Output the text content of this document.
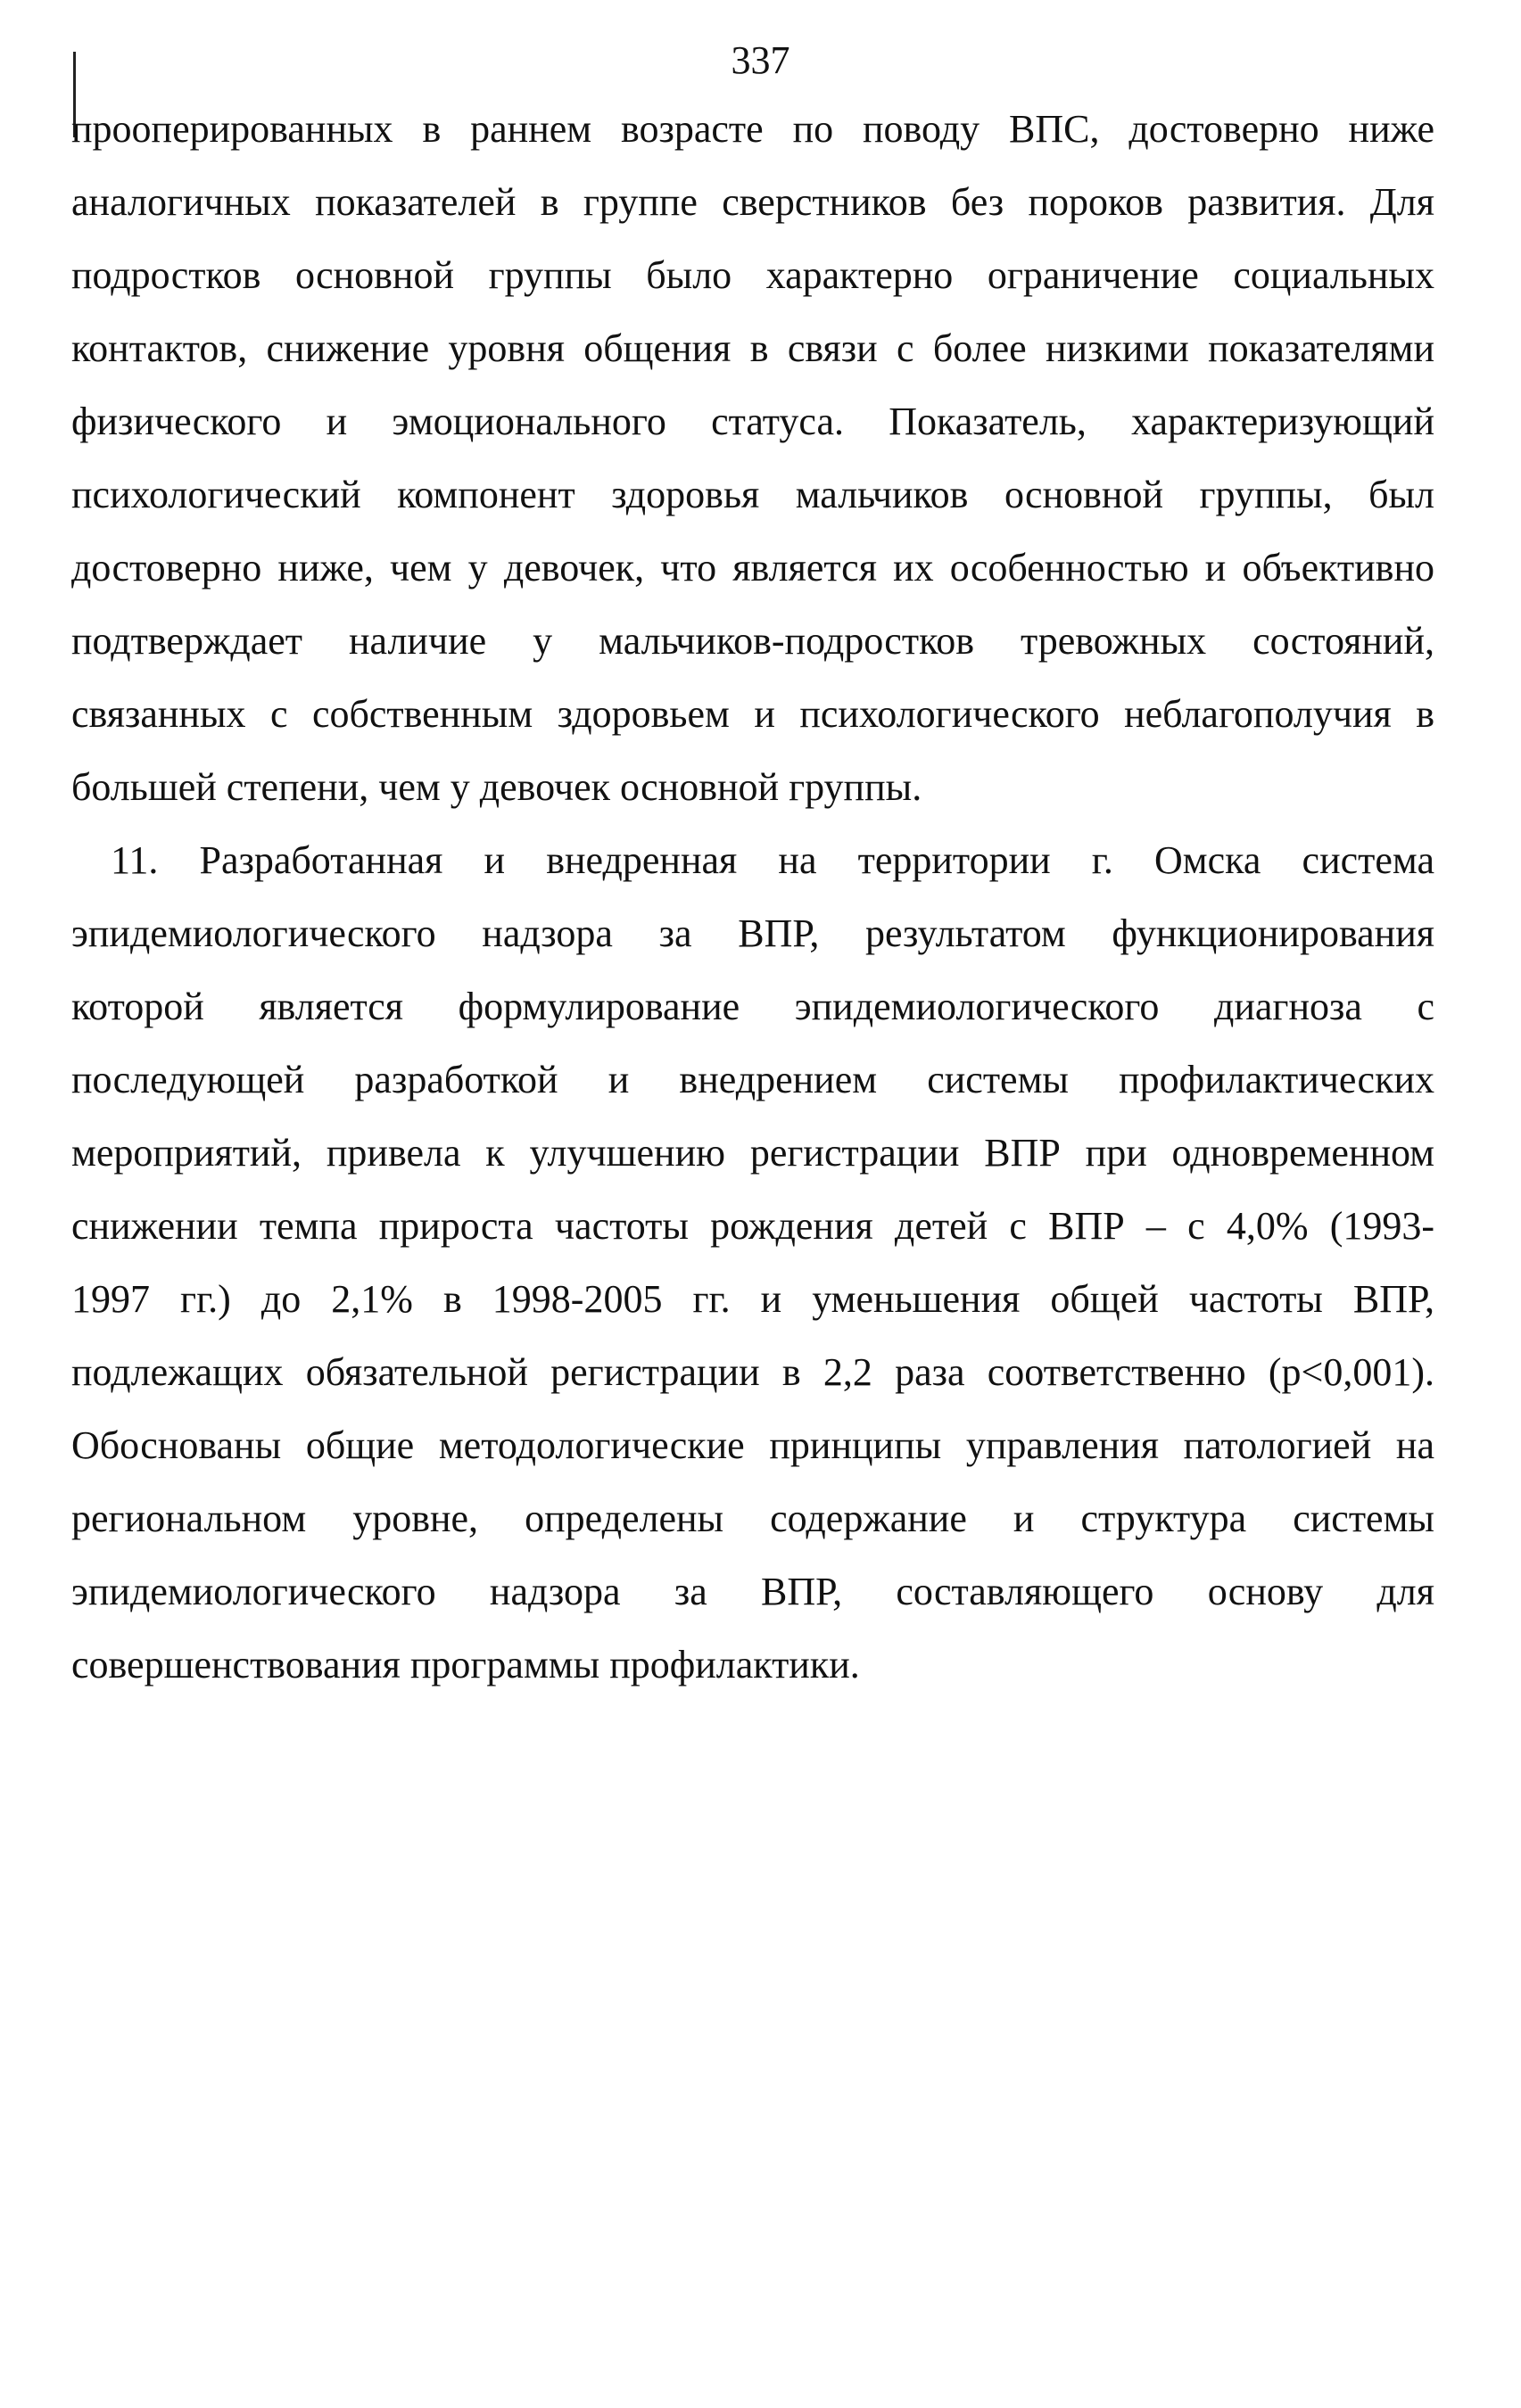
337
прооперированных в раннем возрасте по поводу ВПС, достоверно ниже
аналогичных показателей в группе сверстников без пороков развития. Для
подростков основной группы было характерно ограничение социальных
контактов, снижение уровня общения в связи с более низкими показателями
физического и эмоционального статуса. Показатель, характеризующий
психологический компонент здоровья мальчиков основной группы, был
достоверно ниже, чем у девочек, что является их особенностью и объективно
подтверждает наличие у мальчиков-подростков тревожных состояний,
связанных с собственным здоровьем и психологического неблагополучия в
большей степени, чем у девочек основной группы.
11. Разработанная и внедренная на территории г. Омска система
эпидемиологического надзора за ВПР, результатом функционирования
которой является формулирование эпидемиологического диагноза с
последующей разработкой и внедрением системы профилактических
мероприятий, привела к улучшению регистрации ВПР при одновременном
снижении темпа прироста частоты рождения детей с ВПР – с 4,0% (1993-
1997 гг.) до 2,1% в 1998-2005 гг. и уменьшения общей частоты ВПР,
подлежащих обязательной регистрации в 2,2 раза соответственно (p<0,001).
Обоснованы общие методологические принципы управления патологией на
региональном уровне, определены содержание и структура системы
эпидемиологического надзора за ВПР, составляющего основу для
совершенствования программы профилактики.
